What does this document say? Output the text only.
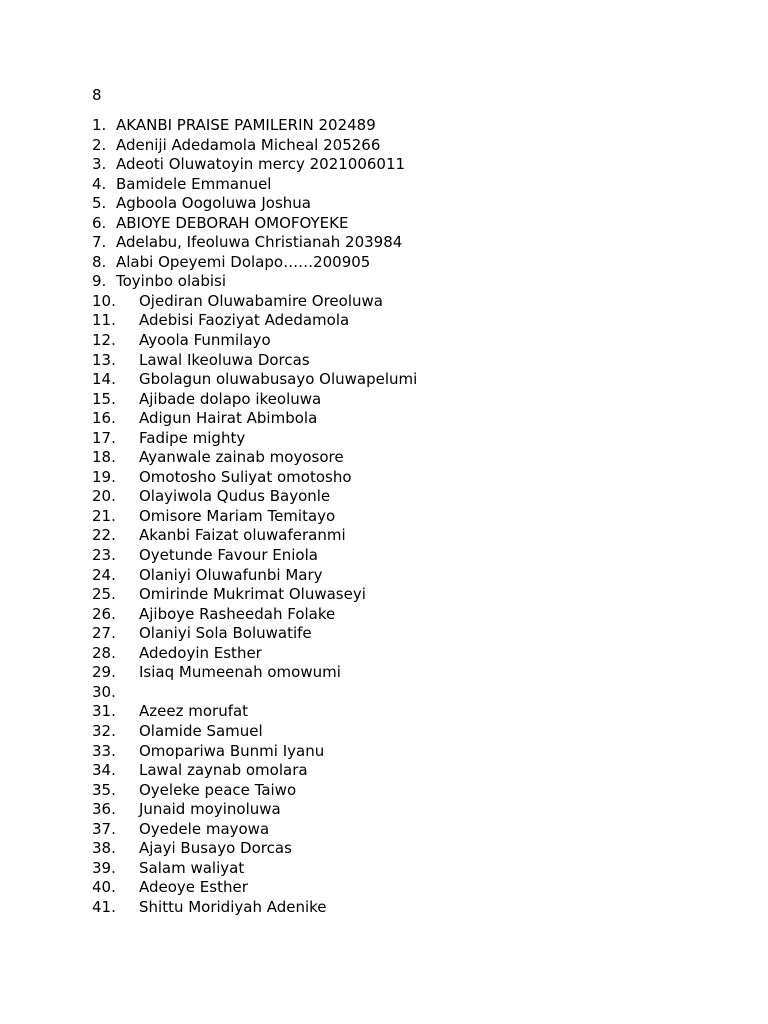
8

1. AKANBI PRAISE PAMILERIN 202489
2. Adeniji Adedamola Micheal 205266
3. Adeoti Oluwatoyin mercy 2021006011
4. Bamidele Emmanuel
5. Agboola Oogoluwa Joshua
6. ABIOYE DEBORAH OMOFOYEKE
7. Adelabu, Ifeoluwa Christianah 203984
8. Alabi Opeyemi Dolapo……200905
9. Toyinbo olabisi
10.	Ojediran Oluwabamire Oreoluwa
11.	Adebisi Faoziyat Adedamola
12.	Ayoola Funmilayo
13.	Lawal Ikeoluwa Dorcas
14.	Gbolagun oluwabusayo Oluwapelumi
15.	Ajibade dolapo ikeoluwa
16.	Adigun Hairat Abimbola
17.	Fadipe mighty
18.	Ayanwale zainab moyosore
19.	Omotosho Suliyat omotosho
20.	Olayiwola Qudus Bayonle
21.	Omisore Mariam Temitayo
22.	Akanbi Faizat oluwaferanmi
23.	Oyetunde Favour Eniola
24.	Olaniyi Oluwafunbi Mary
25.	Omirinde Mukrimat Oluwaseyi
26.	Ajiboye Rasheedah Folake
27.	Olaniyi Sola Boluwatife
28.	Adedoyin Esther
29.	Isiaq Mumeenah omowumi
30.
31.	Azeez morufat
32.	Olamide Samuel
33.	Omopariwa Bunmi Iyanu
34.	Lawal zaynab omolara
35.	Oyeleke peace Taiwo
36.	Junaid moyinoluwa
37.	Oyedele mayowa
38.	Ajayi Busayo Dorcas
39.	Salam waliyat
40.	Adeoye Esther
41.	Shittu Moridiyah Adenike
